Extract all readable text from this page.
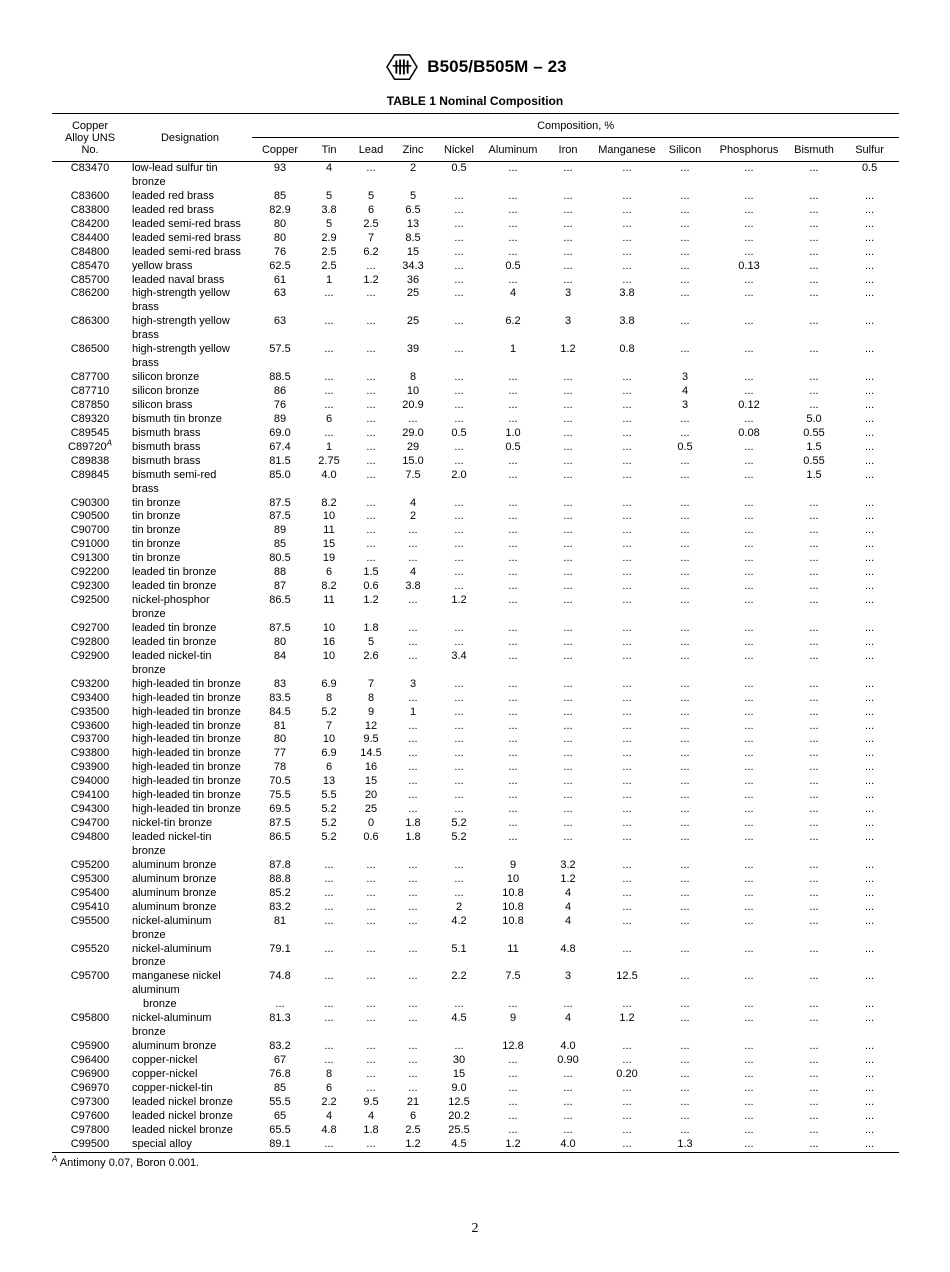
B505/B505M – 23
TABLE 1 Nominal Composition
Copper Alloy UNS No.	Designation	Composition, %											
		Copper	Tin	Lead	Zinc	Nickel	Aluminum	Iron	Manganese	Silicon	Phosphorus	Bismuth	Sulfur
C83470	low-lead sulfur tin
bronze	93	4	...	2	0.5	...	...	...	...	...	...	0.5
C83600	leaded red brass	85	5	5	5	...	...	...	...	...	...	...	...
C83800	leaded red brass	82.9	3.8	6	6.5	...	...	...	...	...	...	...	...
C84200	leaded semi-red brass	80	5	2.5	13	...	...	...	...	...	...	...	...
C84400	leaded semi-red brass	80	2.9	7	8.5	...	...	...	...	...	...	...	...
C84800	leaded semi-red brass	76	2.5	6.2	15	...	...	...	...	...	...	...	...
C85470	yellow brass	62.5	2.5	...	34.3	...	0.5	...	...	...	0.13	...	...
C85700	leaded naval brass	61	1	1.2	36	...	...	...	...	...	...	...	...
C86200	high-strength yellow
brass	63	...	...	25	...	4	3	3.8	...	...	...	...
C86300	high-strength yellow
brass	63	...	...	25	...	6.2	3	3.8	...	...	...	...
C86500	high-strength yellow
brass	57.5	...	...	39	...	1	1.2	0.8	...	...	...	...
C87700	silicon bronze	88.5	...	...	8	...	...	...	...	3	...	...	...
C87710	silicon bronze	86	...	...	10	...	...	...	...	4	...	...	...
C87850	silicon brass	76	...	...	20.9	...	...	...	...	3	0.12	...	...
C89320	bismuth tin bronze	89	6	...	...	...	...	...	...	...	...	5.0	...
C89545	bismuth brass	69.0	...	...	29.0	0.5	1.0	...	...	...	0.08	0.55	...
$C89720^A$	bismuth brass	67.4	1	...	29	...	0.5	...	...	0.5	...	1.5	...
C89838	bismuth brass	81.5	2.75	...	15.0	...	...	...	...	...	...	0.55	...
C89845	bismuth semi-red
brass	85.0	4.0	...	7.5	2.0	...	...	...	...	...	1.5	...
C90300	tin bronze	87.5	8.2	...	4	...	...	...	...	...	...	...	...
C90500	tin bronze	87.5	10	...	2	...	...	...	...	...	...	...	...
C90700	tin bronze	89	11	...	...	...	...	...	...	...	...	...	...
C91000	tin bronze	85	15	...	...	...	...	...	...	...	...	...	...
C91300	tin bronze	80.5	19	...	...	...	...	...	...	...	...	...	...
C92200	leaded tin bronze	88	6	1.5	4	...	...	...	...	...	...	...	...
C92300	leaded tin bronze	87	8.2	0.6	3.8	...	...	...	...	...	...	...	...
C92500	nickel-phosphor
bronze	86.5	11	1.2	...	1.2	...	...	...	...	...	...	...
C92700	leaded tin bronze	87.5	10	1.8	...	...	...	...	...	...	...	...	...
C92800	leaded tin bronze	80	16	5	...	...	...	...	...	...	...	...	...
C92900	leaded nickel-tin
bronze	84	10	2.6	...	3.4	...	...	...	...	...	...	...
C93200	high-leaded tin bronze	83	6.9	7	3	...	...	...	...	...	...	...	...
C93400	high-leaded tin bronze	83.5	8	8	...	...	...	...	...	...	...	...	...
C93500	high-leaded tin bronze	84.5	5.2	9	1	...	...	...	...	...	...	...	...
C93600	high-leaded tin bronze	81	7	12	...	...	...	...	...	...	...	...	...
C93700	high-leaded tin bronze	80	10	9.5	...	...	...	...	...	...	...	...	...
C93800	high-leaded tin bronze	77	6.9	14.5	...	...	...	...	...	...	...	...	...
C93900	high-leaded tin bronze	78	6	16	...	...	...	...	...	...	...	...	...
C94000	high-leaded tin bronze	70.5	13	15	...	...	...	...	...	...	...	...	...
C94100	high-leaded tin bronze	75.5	5.5	20	...	...	...	...	...	...	...	...	...
C94300	high-leaded tin bronze	69.5	5.2	25	...	...	...	...	...	...	...	...	...
C94700	nickel-tin bronze	87.5	5.2	0	1.8	5.2	...	...	...	...	...	...	...
C94800	leaded nickel-tin
bronze	86.5	5.2	0.6	1.8	5.2	...	...	...	...	...	...	...
C95200	aluminum bronze	87.8	...	...	...	...	9	3.2	...	...	...	...	...
C95300	aluminum bronze	88.8	...	...	...	...	10	1.2	...	...	...	...	...
C95400	aluminum bronze	85.2	...	...	...	...	10.8	4	...	...	...	...	...
C95410	aluminum bronze	83.2	...	...	...	2	10.8	4	...	...	...	...	...
C95500	nickel-aluminum
bronze	81	...	...	...	4.2	10.8	4	...	...	...	...	...
C95520	nickel-aluminum
bronze	79.1	...	...	...	5.1	11	4.8	...	...	...	...	...
C95700	manganese nickel
aluminum	74.8	...	...	...	2.2	7.5	3	12.5	...	...	...	...

	bronze	...	...	...	...	...	...	...	...	...	...	...	...
C95800	nickel-aluminum
bronze	81.3	...	...	...	4.5	9	4	1.2	...	...	...	...
C95900	aluminum bronze	83.2	...	...	...	...	12.8	4.0	...	...	...	...	...
C96400	copper-nickel	67	...	...	...	30	...	0.90	...	...	...	...	...
C96900	copper-nickel	76.8	8	...	...	15	...	...	0.20	...	...	...	...
C96970	copper-nickel-tin	85	6	...	...	9.0	...	...	...	...	...	...	...
C97300	leaded nickel bronze	55.5	2.2	9.5	21	12.5	...	...	...	...	...	...	...
C97600	leaded nickel bronze	65	4	4	6	20.2	...	...	...	...	...	...	...
C97800	leaded nickel bronze	65.5	4.8	1.8	2.5	25.5	...	...	...	...	...	...	...
C99500	special alloy	89.1	...	...	1.2	4.5	1.2	4.0	...	1.3	...	...	...
$^A$ Antimony 0.07, Boron 0.001.
2
